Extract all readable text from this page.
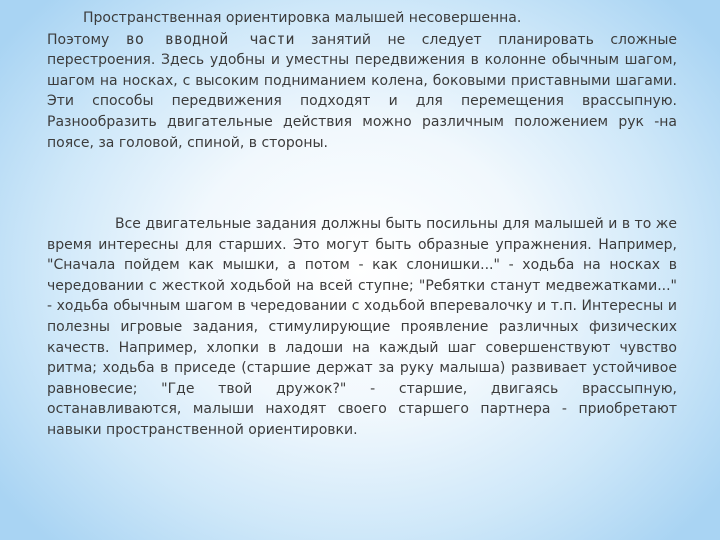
Пространственная ориентировка малышей несовершенна.
Поэтому во вводной части занятий не следует планировать сложные перестроения. Здесь удобны и уместны передвижения в колонне обычным шагом, шагом на носках, с высоким подниманием колена, боковыми приставными шагами. Эти способы передвижения подходят и для перемещения врассыпную. Разнообразить двигательные действия можно различным положением рук -на поясе, за головой, спиной, в стороны.

Все двигательные задания должны быть посильны для малышей и в то же время интересны для старших. Это могут быть образные упражнения. Например, "Сначала пойдем как мышки, а потом - как слонишки..." - ходьба на носках в чередовании с жесткой ходьбой на всей ступне; "Ребятки станут медвежатками..." - ходьба обычным шагом в чередовании с ходьбой вперевалочку и т.п. Интересны и полезны игровые задания, стимулирующие проявление различных физических качеств. Например, хлопки в ладоши на каждый шаг совершенствуют чувство ритма; ходьба в приседе (старшие держат за руку малыша) развивает устойчивое равновесие; "Где твой дружок?" - старшие, двигаясь врассыпную, останавливаются, малыши находят своего старшего партнера - приобретают навыки пространственной ориентировки.
